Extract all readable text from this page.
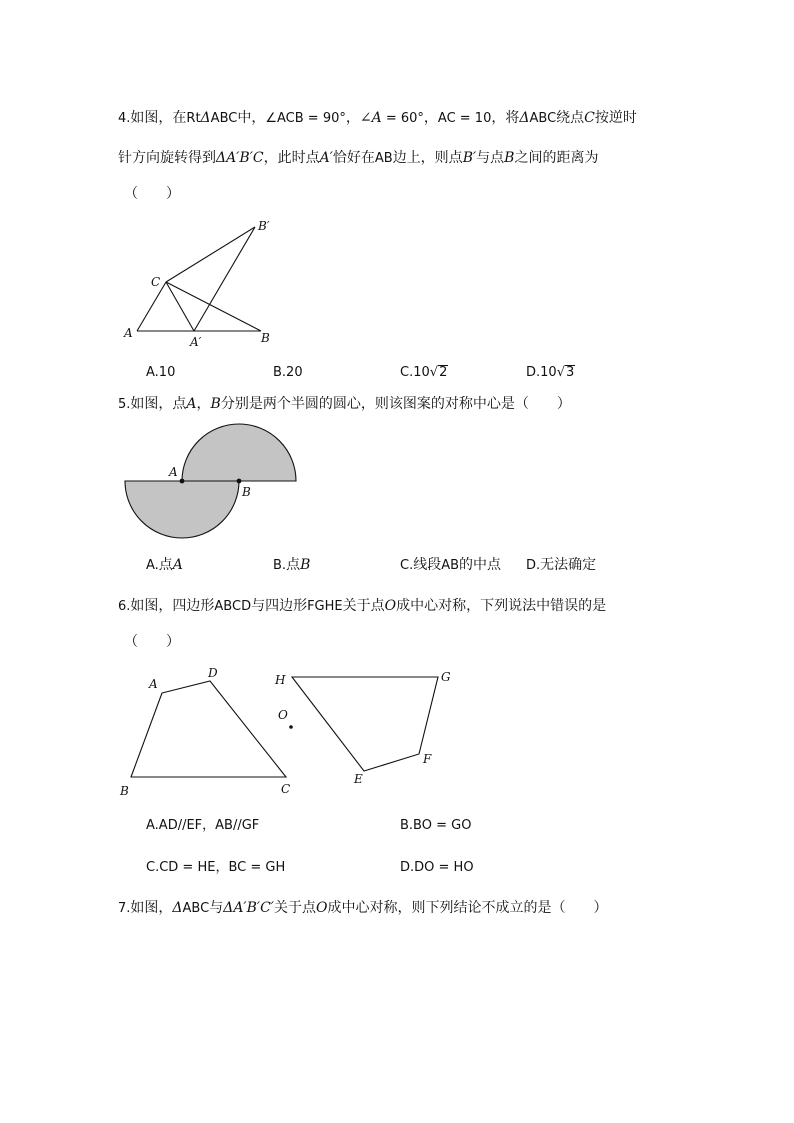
4.如图，在RtΔABC中，∠ACB = 90°，∠A = 60°，AC = 10，将ΔABC绕点C按逆时
针方向旋转得到ΔA′B′C，此时点A′恰好在AB边上，则点B′与点B之间的距离为
（　　）
B′
C
A
A′	B
A.10	B.20	C.10√2	D.10√3
5.如图，点A，B分别是两个半圆的圆心，则该图案的对称中心是（　　）
A
B
A.点A	B.点B	C.线段AB的中点 D.无法确定
6.如图，四边形ABCD与四边形FGHE关于点O成中心对称，下列说法中错误的是
（　　）
A
D
B	C
H	G
O
F
E
A.AD//EF，AB//GF	B.BO = GO
C.CD = HE，BC = GH	D.DO = HO
7.如图，ΔABC与ΔA′B′C′关于点O成中心对称，则下列结论不成立的是（　　）
